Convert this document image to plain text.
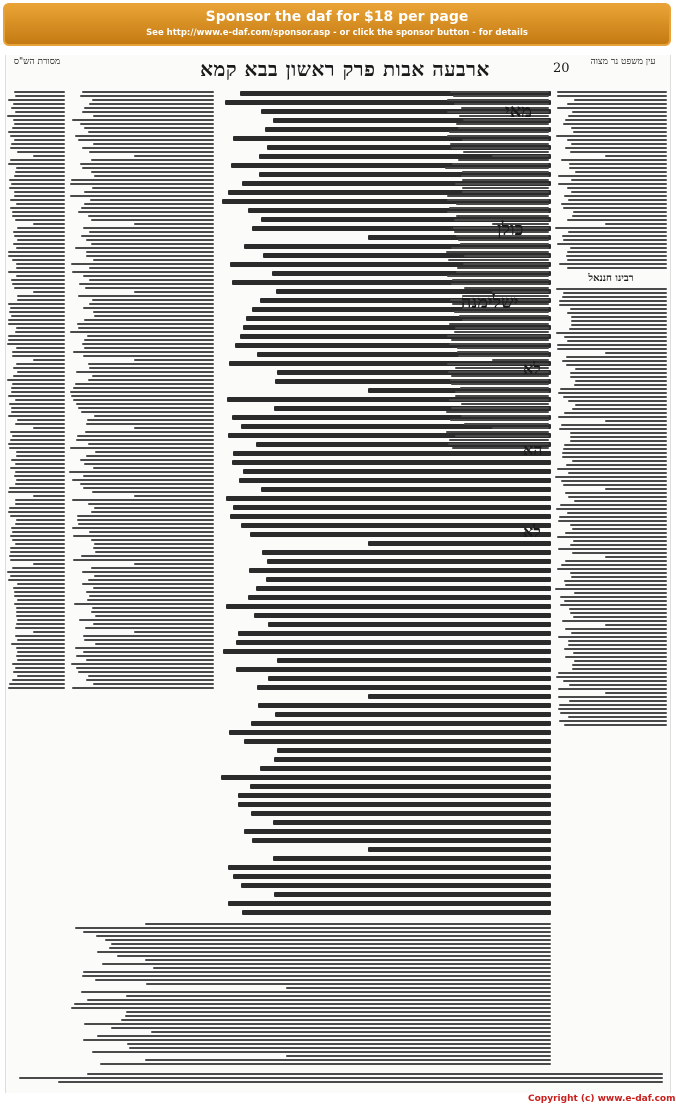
Sponsor the daf for $18 per page
See http://www.e-daf.com/sponsor.asp - or click the sponsor button - for details
מסורת הש"ס	ארבעה אבות פרק ראשון בבא קמא	20	עין משפט נר מצוה
רבינו חננאל
מאי
כולן
ישלימנה
לא
הא
לא
Copyright (c) www.e-daf.com
